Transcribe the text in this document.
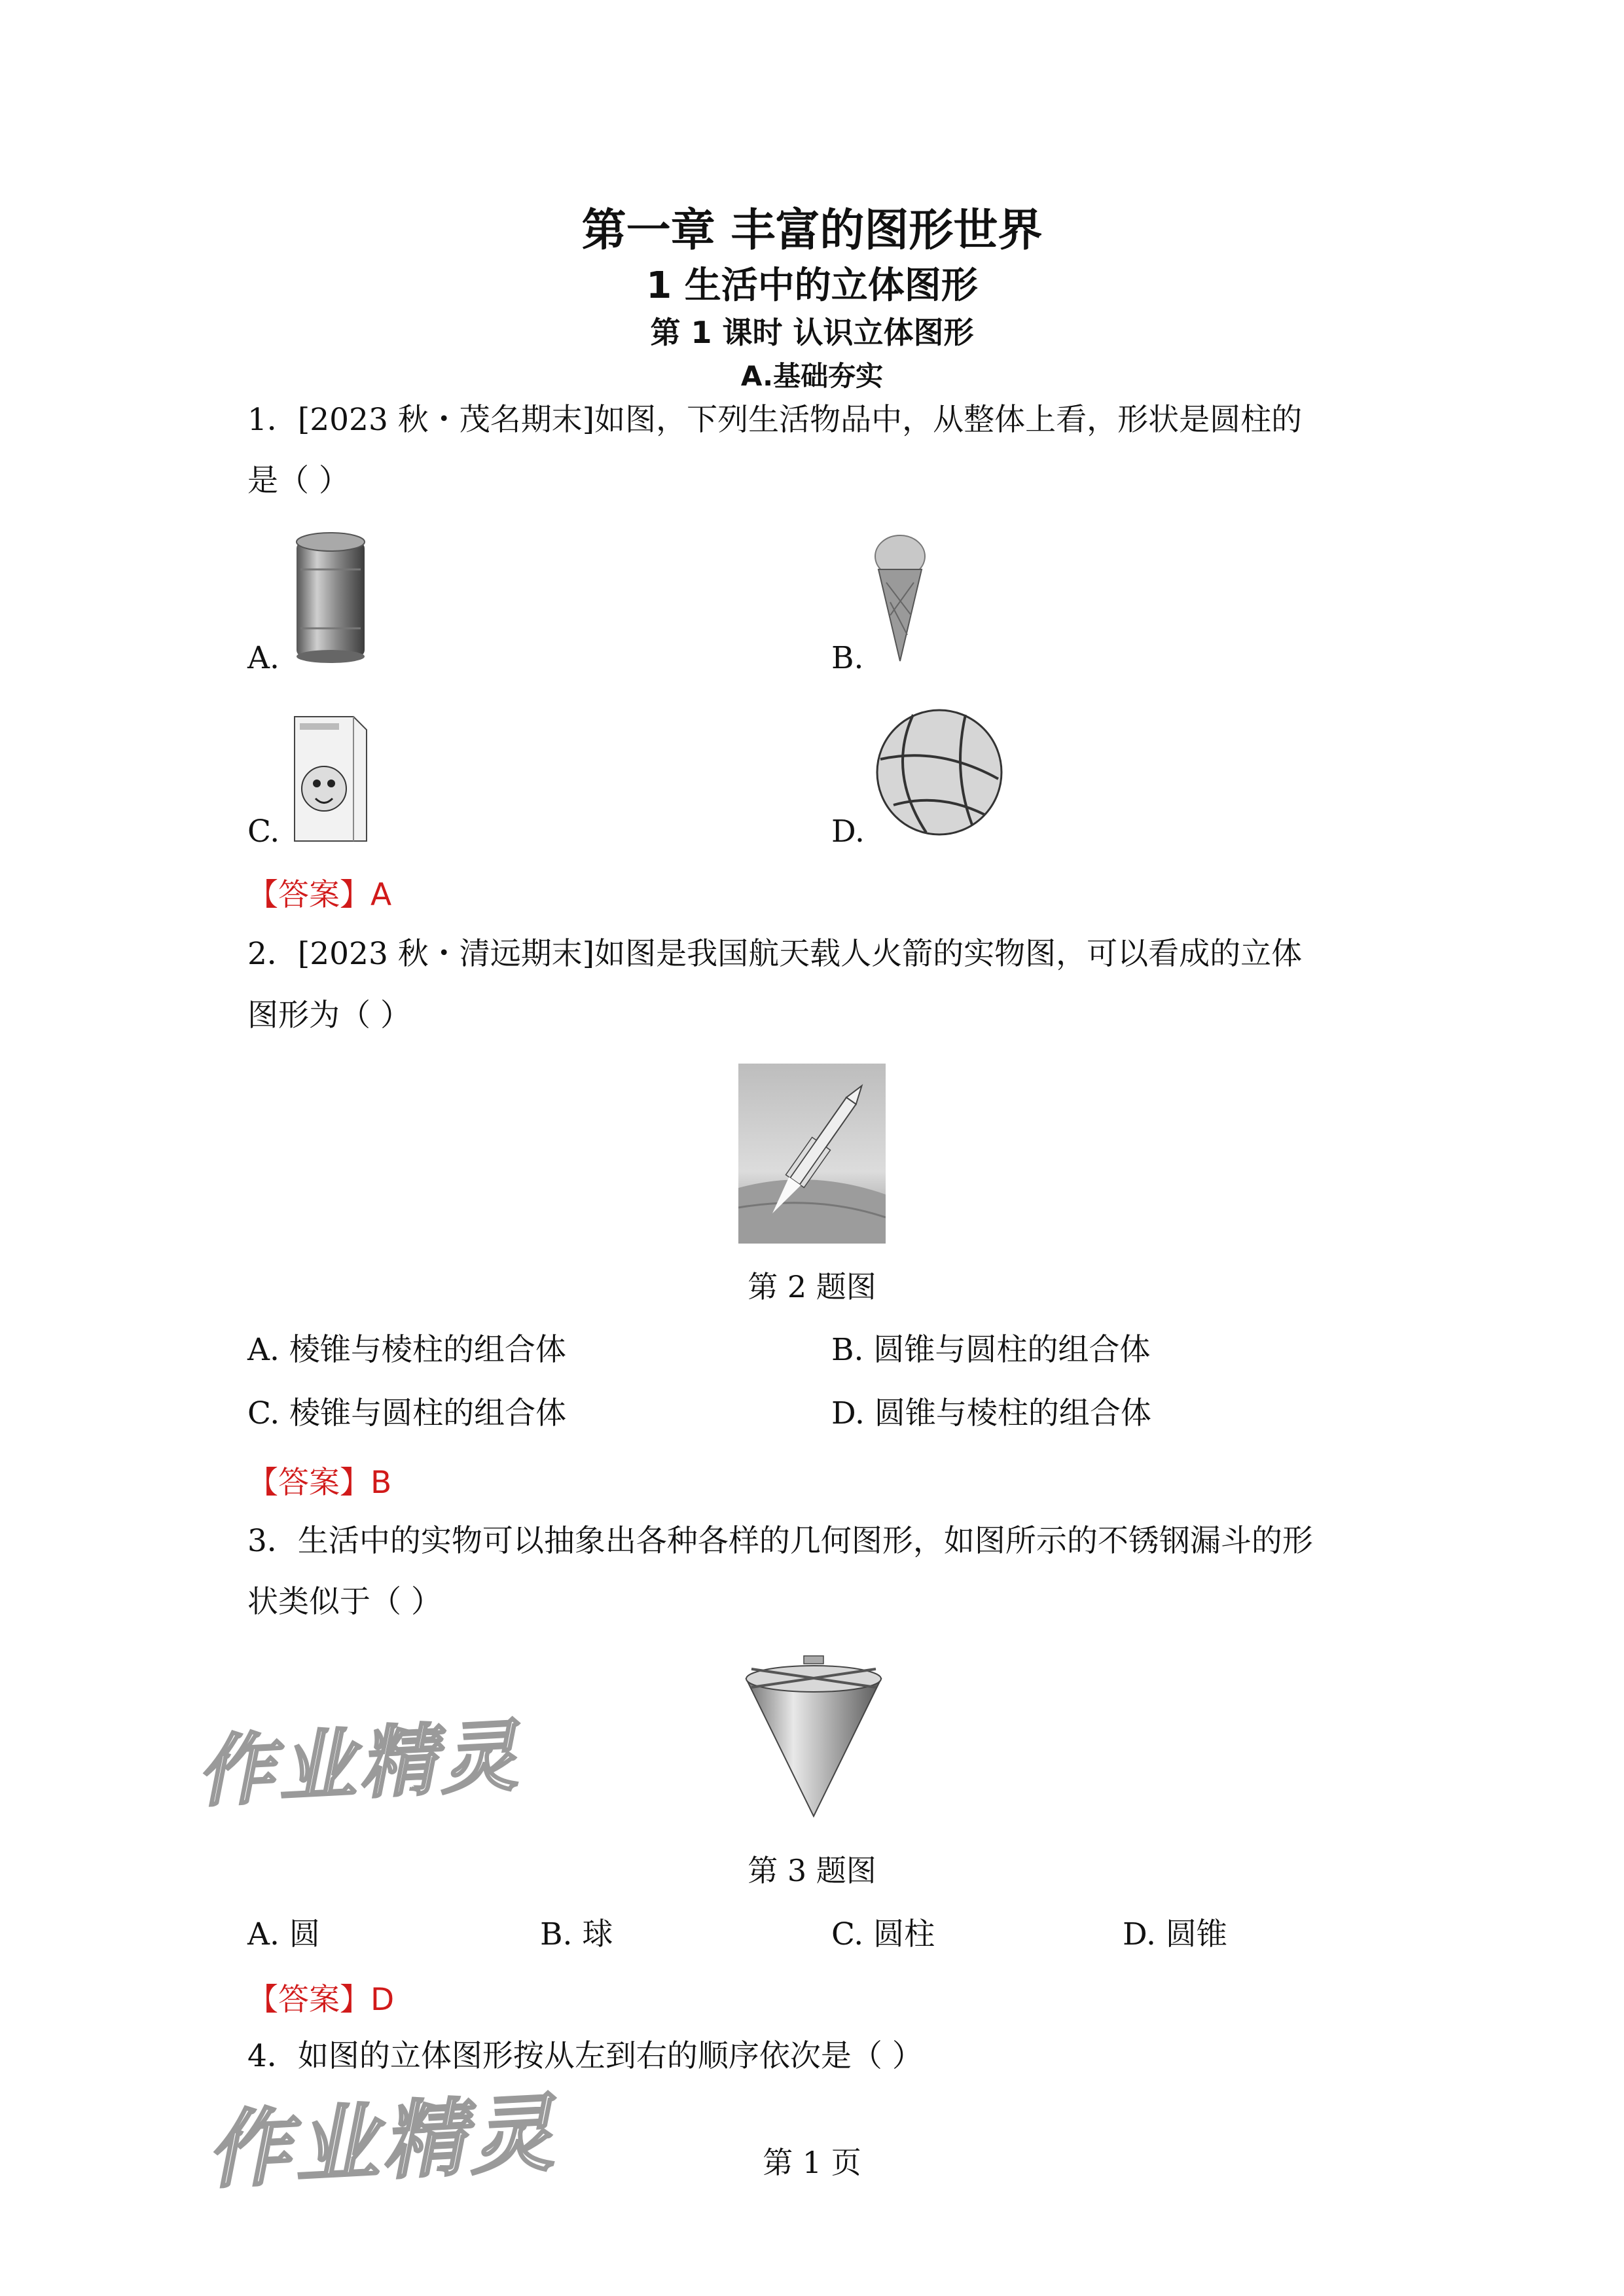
第一章 丰富的图形世界
1 生活中的立体图形
第 1 课时 认识立体图形
A.基础夯实
1．[2023 秋・茂名期末]如图，下列生活物品中，从整体上看，形状是圆柱的
是（ ）
A.	B.
C.	D.
【答案】A
2．[2023 秋・清远期末]如图是我国航天载人火箭的实物图，可以看成的立体
图形为（ ）
第 2 题图
A. 棱锥与棱柱的组合体	B. 圆锥与圆柱的组合体
C. 棱锥与圆柱的组合体	D. 圆锥与棱柱的组合体
【答案】B
3．生活中的实物可以抽象出各种各样的几何图形，如图所示的不锈钢漏斗的形
状类似于（ ）
第 3 题图
A. 圆	B. 球	C. 圆柱	D. 圆锥
【答案】D
4．如图的立体图形按从左到右的顺序依次是（ ）
作业精灵
作业精灵	第 1 页
